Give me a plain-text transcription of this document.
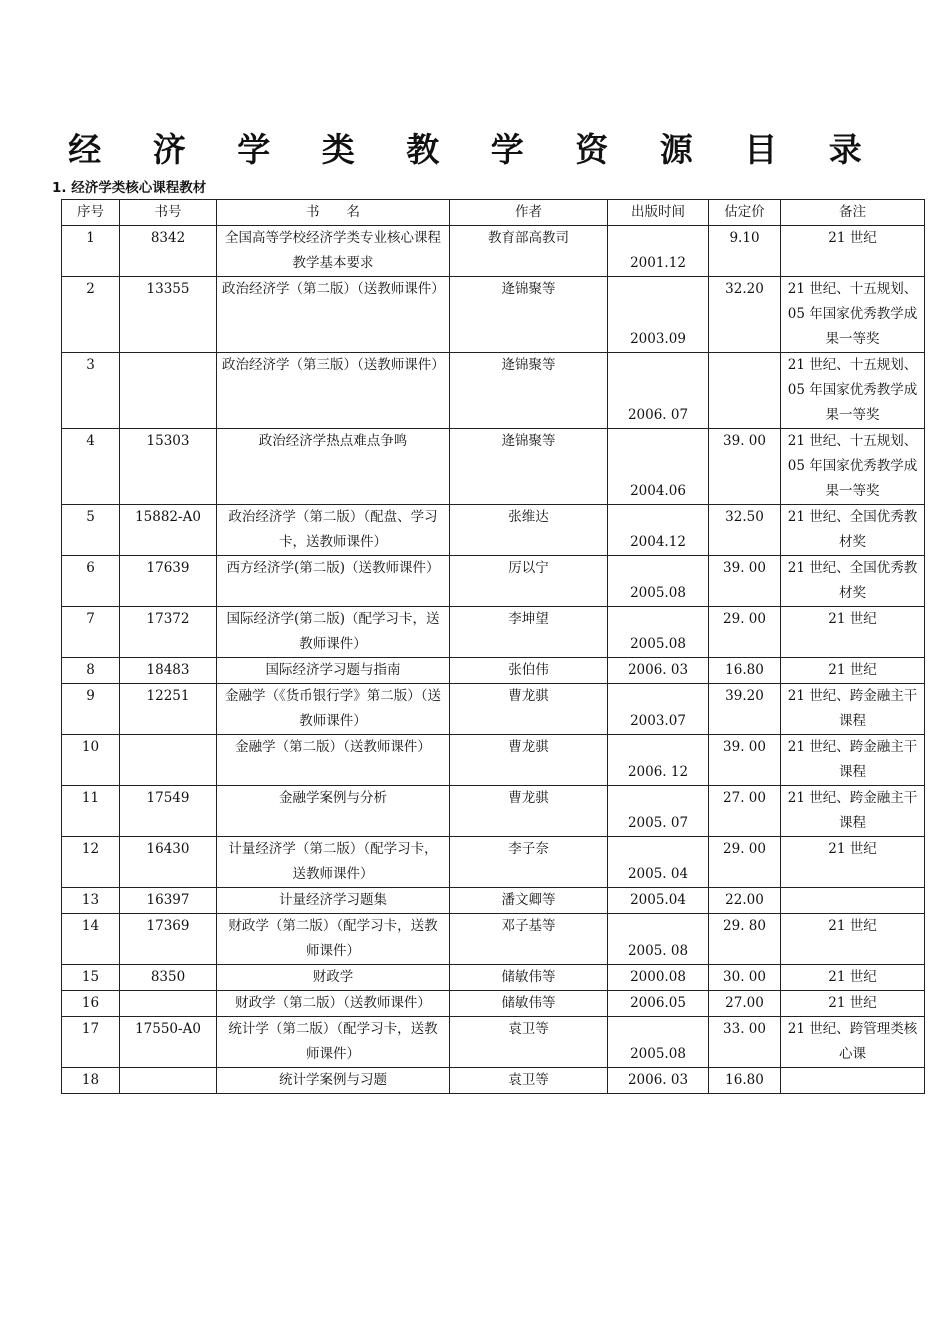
经 济 学 类 教 学 资 源 目 录
1. 经济学类核心课程教材
序号	书号	书　　名	作者	出版时间	估定价	备注
1	8342	全国高等学校经济学类专业核心课程教学基本要求	教育部高教司	2001.12	9.10	21 世纪
2	13355	政治经济学（第二版）（送教师课件）	逄锦聚等	2003.09	32.20	21 世纪、十五规划、05 年国家优秀教学成果一等奖
3		政治经济学（第三版）（送教师课件）	逄锦聚等	2006. 07		21 世纪、十五规划、05 年国家优秀教学成果一等奖
4	15303	政治经济学热点难点争鸣	逄锦聚等	2004.06	39. 00	21 世纪、十五规划、05 年国家优秀教学成果一等奖
5	15882-A0	政治经济学（第二版）（配盘、学习卡，送教师课件）	张维达	2004.12	32.50	21 世纪、全国优秀教材奖
6	17639	西方经济学(第二版)（送教师课件）	厉以宁	2005.08	39. 00	21 世纪、全国优秀教材奖
7	17372	国际经济学(第二版)（配学习卡，送教师课件）	李坤望	2005.08	29. 00	21 世纪
8	18483	国际经济学习题与指南	张伯伟	2006. 03	16.80	21 世纪
9	12251	金融学（《货币银行学》第二版）（送教师课件）	曹龙骐	2003.07	39.20	21 世纪、跨金融主干课程
10		金融学（第二版）（送教师课件）	曹龙骐	2006. 12	39. 00	21 世纪、跨金融主干课程
11	17549	金融学案例与分析	曹龙骐	2005. 07	27. 00	21 世纪、跨金融主干课程
12	16430	计量经济学（第二版）（配学习卡，送教师课件）	李子奈	2005. 04	29. 00	21 世纪
13	16397	计量经济学习题集	潘文卿等	2005.04	22.00	
14	17369	财政学（第二版）（配学习卡，送教师课件）	邓子基等	2005. 08	29. 80	21 世纪
15	8350	财政学	储敏伟等	2000.08	30. 00	21 世纪
16		财政学（第二版）（送教师课件）	储敏伟等	2006.05	27.00	21 世纪
17	17550-A0	统计学（第二版）（配学习卡，送教师课件）	袁卫等	2005.08	33. 00	21 世纪、跨管理类核心课
18		统计学案例与习题	袁卫等	2006. 03	16.80	
